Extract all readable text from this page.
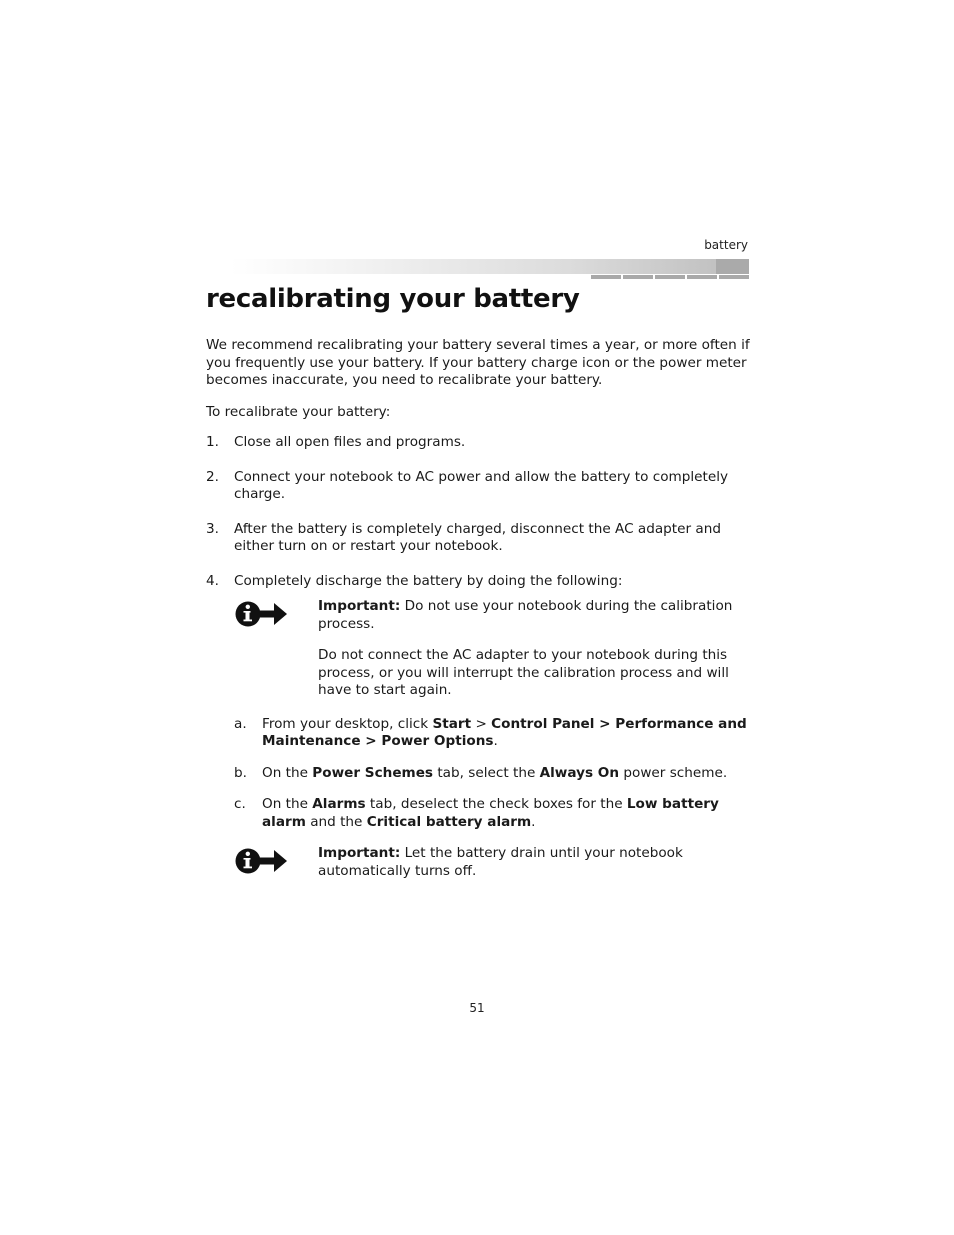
battery
recalibrating your battery

We recommend recalibrating your battery several times a year, or more often if you frequently use your battery. If your battery charge icon or the power meter becomes inaccurate, you need to recalibrate your battery.

To recalibrate your battery:

1. Close all open files and programs.
2. Connect your notebook to AC power and allow the battery to completely charge.
3. After the battery is completely charged, disconnect the AC adapter and either turn on or restart your notebook.
4. Completely discharge the battery by doing the following:

Important: Do not use your notebook during the calibration process.

Do not connect the AC adapter to your notebook during this process, or you will interrupt the calibration process and will have to start again.

a. From your desktop, click Start > Control Panel > Performance and Maintenance > Power Options.
b. On the Power Schemes tab, select the Always On power scheme.
c. On the Alarms tab, deselect the check boxes for the Low battery alarm and the Critical battery alarm.

Important: Let the battery drain until your notebook automatically turns off.

51
